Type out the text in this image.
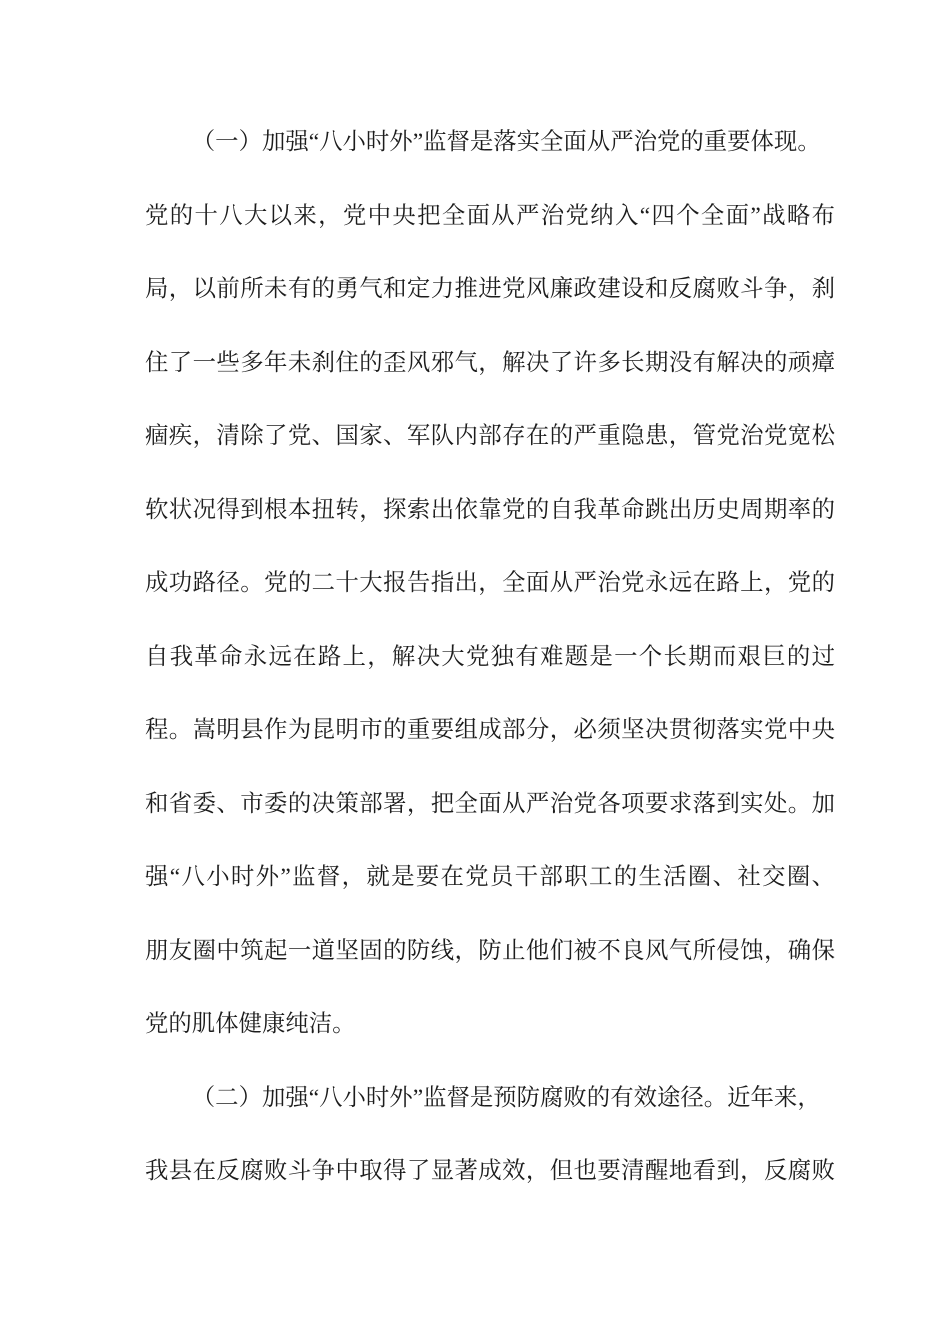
（一）加强“八小时外”监督是落实全面从严治党的重要体现。
党的十八大以来，党中央把全面从严治党纳入“四个全面”战略布
局，以前所未有的勇气和定力推进党风廉政建设和反腐败斗争，刹
住了一些多年未刹住的歪风邪气，解决了许多长期没有解决的顽瘴
痼疾，清除了党、国家、军队内部存在的严重隐患，管党治党宽松
软状况得到根本扭转，探索出依靠党的自我革命跳出历史周期率的
成功路径。党的二十大报告指出，全面从严治党永远在路上，党的
自我革命永远在路上，解决大党独有难题是一个长期而艰巨的过
程。嵩明县作为昆明市的重要组成部分，必须坚决贯彻落实党中央
和省委、市委的决策部署，把全面从严治党各项要求落到实处。加
强“八小时外”监督，就是要在党员干部职工的生活圈、社交圈、
朋友圈中筑起一道坚固的防线，防止他们被不良风气所侵蚀，确保
党的肌体健康纯洁。
（二）加强“八小时外”监督是预防腐败的有效途径。近年来，
我县在反腐败斗争中取得了显著成效，但也要清醒地看到，反腐败
